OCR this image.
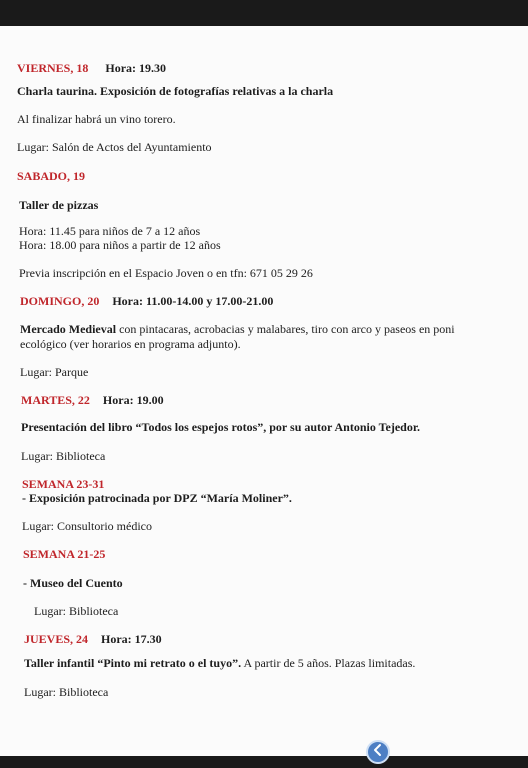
VIERNES, 18 Hora: 19.30
Charla taurina. Exposición de fotografías relativas a la charla
Al finalizar habrá un vino torero.
Lugar: Salón de Actos del Ayuntamiento
SABADO, 19
Taller de pizzas
Hora: 11.45 para niños de 7 a 12 años
Hora: 18.00 para niños a partir de 12 años
Previa inscripción en el Espacio Joven o en tfn: 671 05 29 26
DOMINGO, 20 Hora: 11.00-14.00 y 17.00-21.00
Mercado Medieval con pintacaras, acrobacias y malabares, tiro con arco y paseos en poni
ecológico (ver horarios en programa adjunto).
Lugar: Parque
MARTES, 22 Hora: 19.00
Presentación del libro “Todos los espejos rotos”, por su autor Antonio Tejedor.
Lugar: Biblioteca
SEMANA 23-31
- Exposición patrocinada por DPZ “María Moliner”.
Lugar: Consultorio médico
SEMANA 21-25
- Museo del Cuento
Lugar: Biblioteca
JUEVES, 24 Hora: 17.30
Taller infantil “Pinto mi retrato o el tuyo”. A partir de 5 años. Plazas limitadas.
Lugar: Biblioteca
